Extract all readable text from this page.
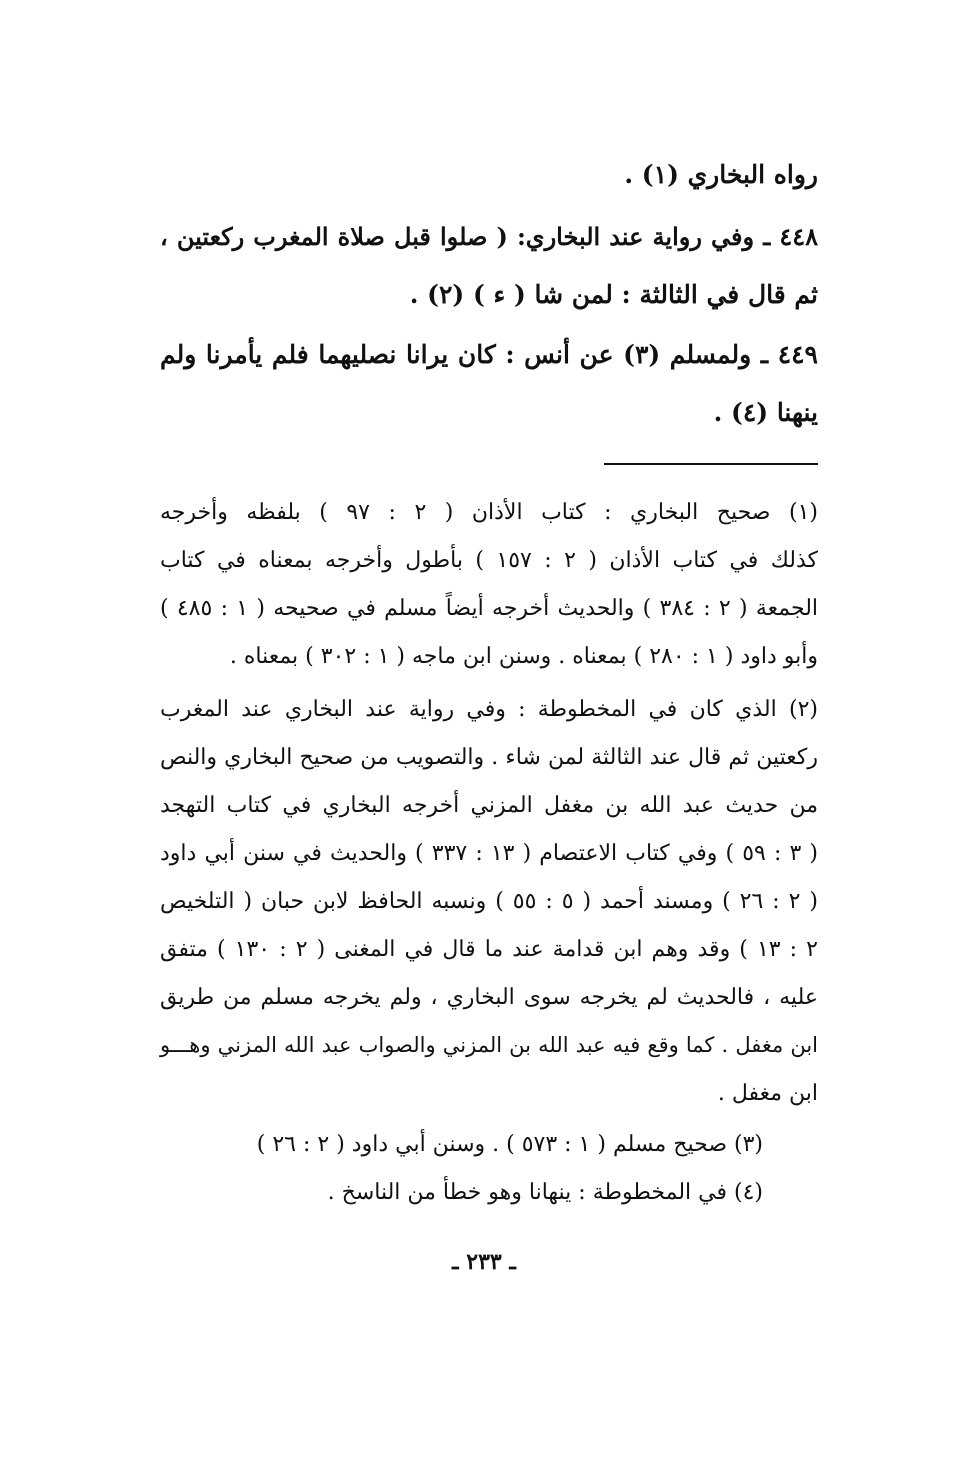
رواه البخاري (١) .
٤٤٨ ـ وفي رواية عند البخاري: ( صلوا قبل صلاة المغرب ركعتين ،
ثم قال في الثالثة : لمن شا ( ء ) (٢) .
٤٤٩ ـ ولمسلم (٣) عن أنس : كان يرانا نصليهما فلم يأمرنا ولم
ينهنا (٤) .
(١) صحيح البخاري : كتاب الأذان ( ٢ : ٩٧ ) بلفظه وأخرجه
كذلك في كتاب الأذان ( ٢ : ١٥٧ ) بأطول وأخرجه بمعناه في كتاب
الجمعة ( ٢ : ٣٨٤ ) والحديث أخرجه أيضاً مسلم في صحيحه ( ١ : ٤٨٥ )
وأبو داود ( ١ : ٢٨٠ ) بمعناه . وسنن ابن ماجه ( ١ : ٣٠٢ ) بمعناه .
(٢) الذي كان في المخطوطة : وفي رواية عند البخاري عند المغرب
ركعتين ثم قال عند الثالثة لمن شاء . والتصويب من صحيح البخاري والنص
من حديث عبد الله بن مغفل المزني أخرجه البخاري في كتاب التهجد
( ٣ : ٥٩ ) وفي كتاب الاعتصام ( ١٣ : ٣٣٧ ) والحديث في سنن أبي داود
( ٢ : ٢٦ ) ومسند أحمد ( ٥ : ٥٥ ) ونسبه الحافظ لابن حبان ( التلخيص
٢ : ١٣ ) وقد وهم ابن قدامة عند ما قال في المغنى ( ٢ : ١٣٠ ) متفق
عليه ، فالحديث لم يخرجه سوى البخاري ، ولم يخرجه مسلم من طريق
ابن مغفل . كما وقع فيه عبد الله بن المزني والصواب عبد الله المزني وهـــو
ابن مغفل .
(٣) صحيح مسلم ( ١ : ٥٧٣ ) . وسنن أبي داود ( ٢ : ٢٦ )
(٤) في المخطوطة : ينهانا وهو خطأ من الناسخ .
ـ ٢٣٣ ـ
